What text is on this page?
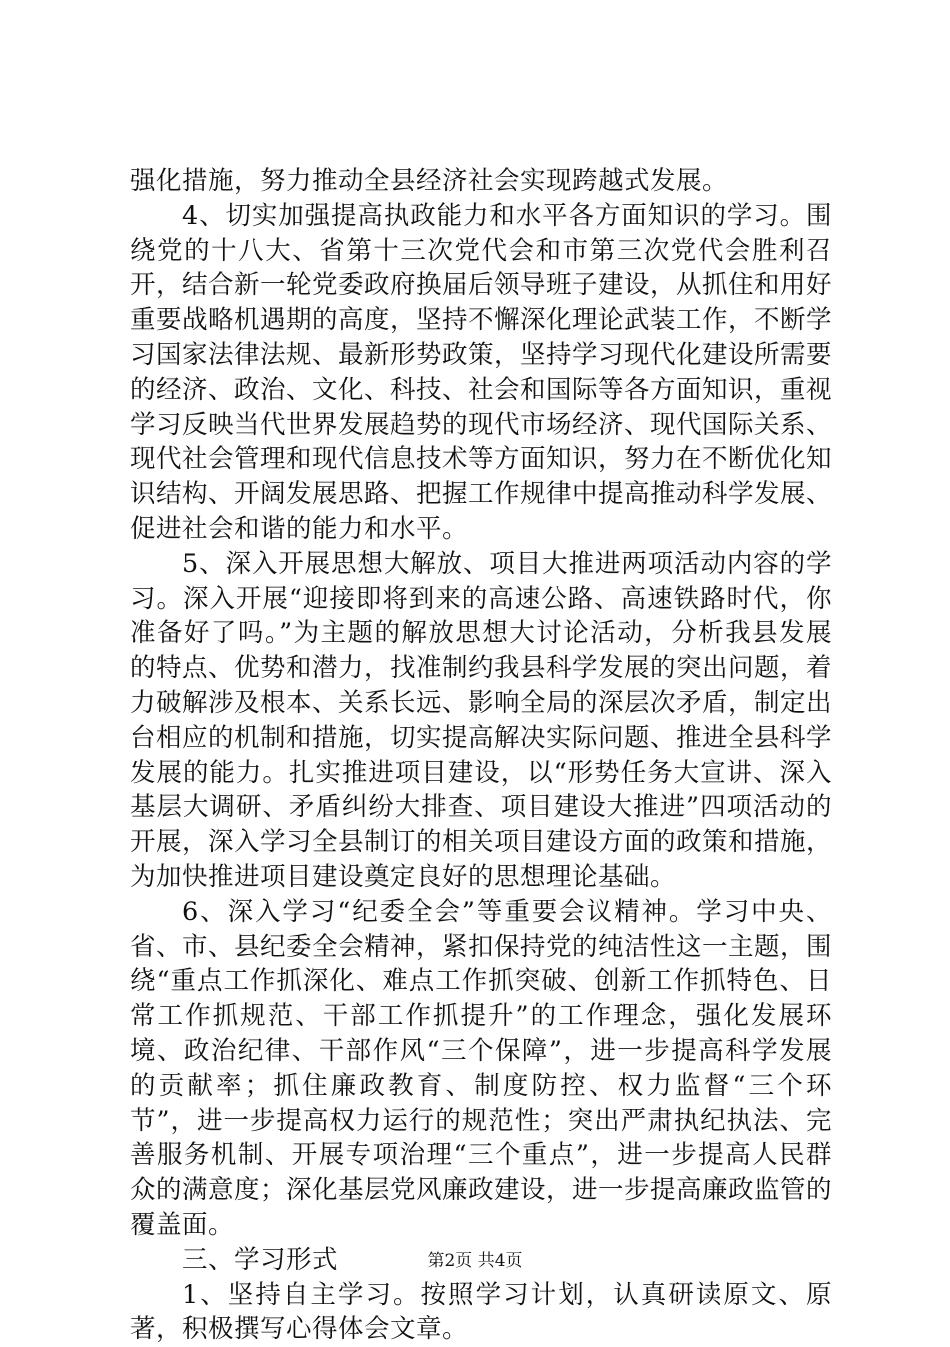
强化措施，努力推动全县经济社会实现跨越式发展。

4、切实加强提高执政能力和水平各方面知识的学习。围绕党的十八大、省第十三次党代会和市第三次党代会胜利召开，结合新一轮党委政府换届后领导班子建设，从抓住和用好重要战略机遇期的高度，坚持不懈深化理论武装工作，不断学习国家法律法规、最新形势政策，坚持学习现代化建设所需要的经济、政治、文化、科技、社会和国际等各方面知识，重视学习反映当代世界发展趋势的现代市场经济、现代国际关系、现代社会管理和现代信息技术等方面知识，努力在不断优化知识结构、开阔发展思路、把握工作规律中提高推动科学发展、促进社会和谐的能力和水平。

5、深入开展思想大解放、项目大推进两项活动内容的学习。深入开展“迎接即将到来的高速公路、高速铁路时代，你准备好了吗。”为主题的解放思想大讨论活动，分析我县发展的特点、优势和潜力，找准制约我县科学发展的突出问题，着力破解涉及根本、关系长远、影响全局的深层次矛盾，制定出台相应的机制和措施，切实提高解决实际问题、推进全县科学发展的能力。扎实推进项目建设，以“形势任务大宣讲、深入基层大调研、矛盾纠纷大排查、项目建设大推进”四项活动的开展，深入学习全县制订的相关项目建设方面的政策和措施，为加快推进项目建设奠定良好的思想理论基础。

6、深入学习“纪委全会”等重要会议精神。学习中央、省、市、县纪委全会精神，紧扣保持党的纯洁性这一主题，围绕“重点工作抓深化、难点工作抓突破、创新工作抓特色、日常工作抓规范、干部工作抓提升”的工作理念，强化发展环境、政治纪律、干部作风“三个保障”，进一步提高科学发展的贡献率；抓住廉政教育、制度防控、权力监督“三个环节”，进一步提高权力运行的规范性；突出严肃执纪执法、完善服务机制、开展专项治理“三个重点”，进一步提高人民群众的满意度；深化基层党风廉政建设，进一步提高廉政监管的覆盖面。

三、学习形式

1、坚持自主学习。按照学习计划，认真研读原文、原著，积极撰写心得体会文章。

第2页 共4页
